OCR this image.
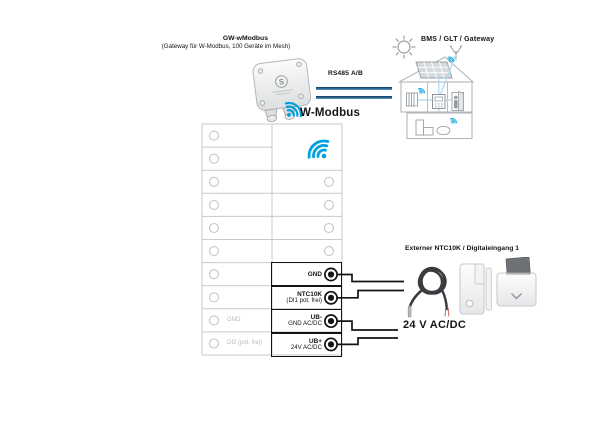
GW-wModbus
(Gateway für W-Modbus, 100 Geräte im Mesh)
BMS / GLT / Gateway
RS485 A/B
S
W-Modbus
GND
NTC10K
(DI1 pot. frei)
UB-
GND AC/DC
UB+
24V AC/DC
GND
DI2 (pot. frei)
Externer NTC10K / Digitaleingang 1
24 V AC/DC
